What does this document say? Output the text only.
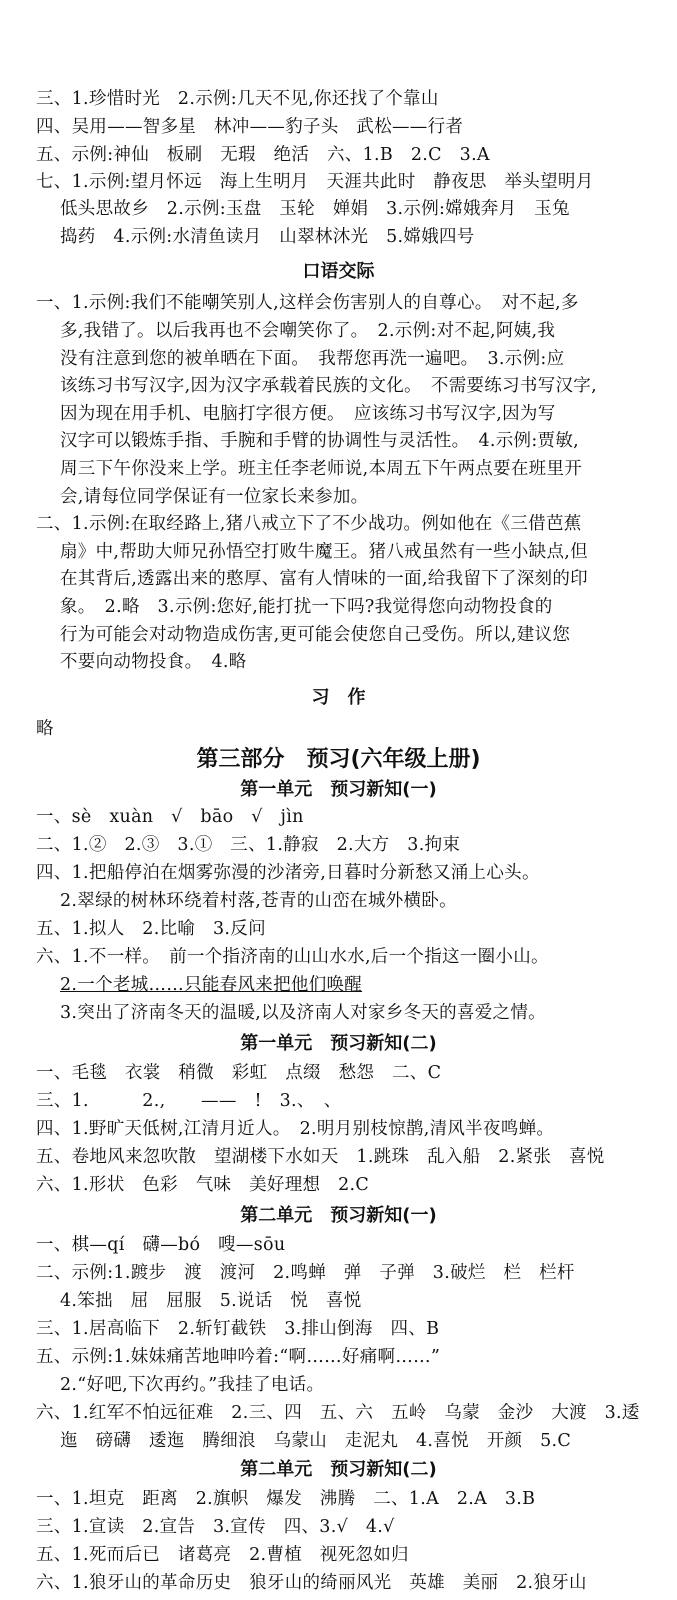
三、1.珍惜时光　2.示例:几天不见,你还找了个靠山
四、吴用——智多星　林冲——豹子头　武松——行者
五、示例:神仙　板刷　无瑕　绝活　六、1.B　2.C　3.A
七、1.示例:望月怀远　海上生明月　天涯共此时　静夜思　举头望明月
低头思故乡　2.示例:玉盘　玉轮　婵娟　3.示例:嫦娥奔月　玉兔
捣药　4.示例:水清鱼读月　山翠林沐光　5.嫦娥四号
口语交际
一、1.示例:我们不能嘲笑别人,这样会伤害别人的自尊心。　对不起,多
多,我错了。以后我再也不会嘲笑你了。　2.示例:对不起,阿姨,我
没有注意到您的被单晒在下面。　我帮您再洗一遍吧。　3.示例:应
该练习书写汉字,因为汉字承载着民族的文化。　不需要练习书写汉字,
因为现在用手机、电脑打字很方便。　应该练习书写汉字,因为写
汉字可以锻炼手指、手腕和手臂的协调性与灵活性。　4.示例:贾敏,
周三下午你没来上学。班主任李老师说,本周五下午两点要在班里开
会,请每位同学保证有一位家长来参加。
二、1.示例:在取经路上,猪八戒立下了不少战功。例如他在《三借芭蕉
扇》中,帮助大师兄孙悟空打败牛魔王。猪八戒虽然有一些小缺点,但
在其背后,透露出来的憨厚、富有人情味的一面,给我留下了深刻的印
象。　2.略　3.示例:您好,能打扰一下吗?我觉得您向动物投食的
行为可能会对动物造成伤害,更可能会使您自己受伤。所以,建议您
不要向动物投食。　4.略
习　作
略
第三部分　预习(六年级上册)
第一单元　预习新知(一)
一、sè　xuàn　√　bāo　√　jìn
二、1.②　2.③　3.①　三、1.静寂　2.大方　3.拘束
四、1.把船停泊在烟雾弥漫的沙渚旁,日暮时分新愁又涌上心头。
2.翠绿的树林环绕着村落,苍青的山峦在城外横卧。
五、1.拟人　2.比喻　3.反问
六、1.不一样。　前一个指济南的山山水水,后一个指这一圈小山。
2.一个老城……只能春风来把他们唤醒
3.突出了济南冬天的温暖,以及济南人对家乡冬天的喜爱之情。
第一单元　预习新知(二)
一、毛毯　衣裳　稍微　彩虹　点缀　愁怨　二、C
三、1.　　　2.,　　——　!　3.、　、
四、1.野旷天低树,江清月近人。　2.明月别枝惊鹊,清风半夜鸣蝉。
五、卷地风来忽吹散　望湖楼下水如天　1.跳珠　乱入船　2.紧张　喜悦
六、1.形状　色彩　气味　美好理想　2.C
第二单元　预习新知(一)
一、棋—qí　礴—bó　嗖—sōu
二、示例:1.踱步　渡　渡河　2.鸣蝉　弹　子弹　3.破烂　栏　栏杆
4.笨拙　屈　屈服　5.说话　悦　喜悦
三、1.居高临下　2.斩钉截铁　3.排山倒海　四、B
五、示例:1.妹妹痛苦地呻吟着:“啊……好痛啊……”
2.“好吧,下次再约。”我挂了电话。
六、1.红军不怕远征难　2.三、四　五、六　五岭　乌蒙　金沙　大渡　3.逶
迤　磅礴　逶迤　腾细浪　乌蒙山　走泥丸　4.喜悦　开颜　5.C
第二单元　预习新知(二)
一、1.坦克　距离　2.旗帜　爆发　沸腾　二、1.A　2.A　3.B
三、1.宣读　2.宣告　3.宣传　四、3.√　4.√
五、1.死而后已　诸葛亮　2.曹植　视死忽如归
六、1.狼牙山的革命历史　狼牙山的绮丽风光　英雄　美丽　2.狼牙山
